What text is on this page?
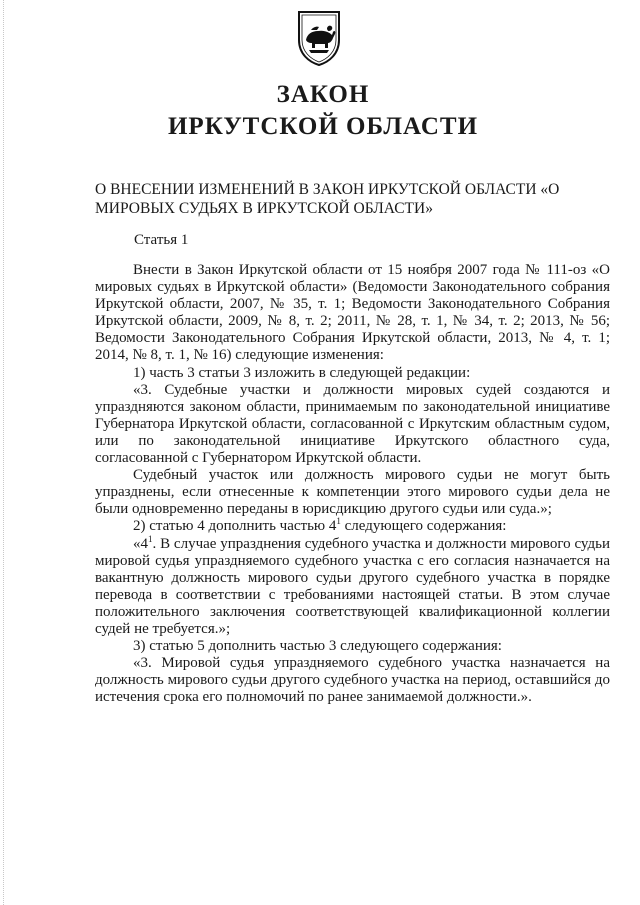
ЗАКОН
ИРКУТСКОЙ ОБЛАСТИ
О ВНЕСЕНИИ ИЗМЕНЕНИЙ В ЗАКОН ИРКУТСКОЙ ОБЛАСТИ «О МИРОВЫХ СУДЬЯХ В ИРКУТСКОЙ ОБЛАСТИ»
Статья 1

Внести в Закон Иркутской области от 15 ноября 2007 года № 111-оз «О мировых судьях в Иркутской области» (Ведомости Законодательного собрания Иркутской области, 2007, № 35, т. 1; Ведомости Законодательного Собрания Иркутской области, 2009, № 8, т. 2; 2011, № 28, т. 1, № 34, т. 2; 2013, № 56; Ведомости Законодательного Собрания Иркутской области, 2013, № 4, т. 1; 2014, № 8, т. 1, № 16) следующие изменения:

1) часть 3 статьи 3 изложить в следующей редакции:

«3. Судебные участки и должности мировых судей создаются и упраздняются законом области, принимаемым по законодательной инициативе Губернатора Иркутской области, согласованной с Иркутским областным судом, или по законодательной инициативе Иркутского областного суда, согласованной с Губернатором Иркутской области.

Судебный участок или должность мирового судьи не могут быть упразднены, если отнесенные к компетенции этого мирового судьи дела не были одновременно переданы в юрисдикцию другого судьи или суда.»;

2) статью 4 дополнить частью $4^1$ следующего содержания:

«$4^1$. В случае упразднения судебного участка и должности мирового судьи мировой судья упраздняемого судебного участка с его согласия назначается на вакантную должность мирового судьи другого судебного участка в порядке перевода в соответствии с требованиями настоящей статьи. В этом случае положительного заключения соответствующей квалификационной коллегии судей не требуется.»;

3) статью 5 дополнить частью 3 следующего содержания:

«3. Мировой судья упраздняемого судебного участка назначается на должность мирового судьи другого судебного участка на период, оставшийся до истечения срока его полномочий по ранее занимаемой должности.».
